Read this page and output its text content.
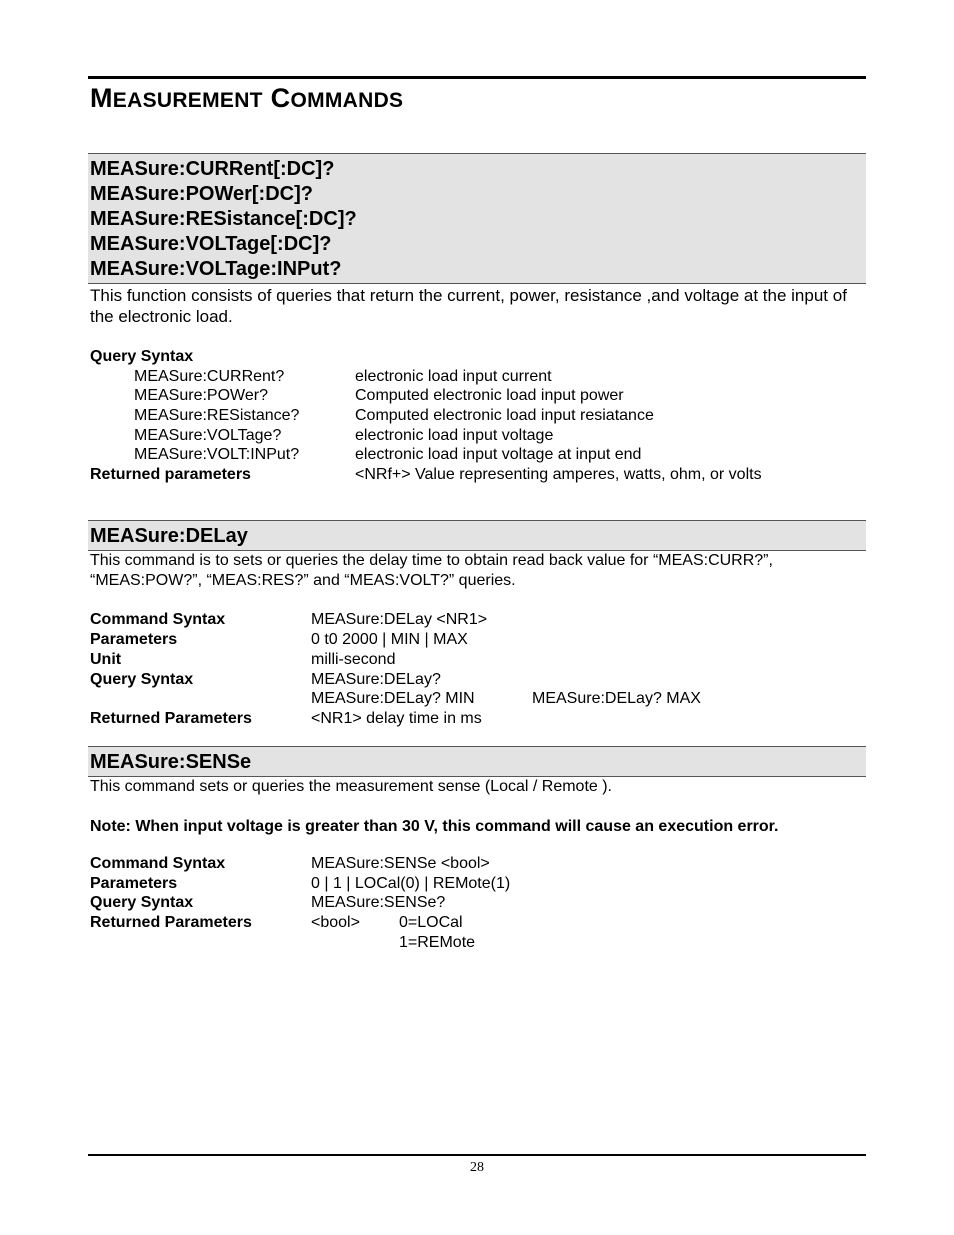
MEASUREMENT COMMANDS
MEASure:CURRent[:DC]?
MEASure:POWer[:DC]?
MEASure:RESistance[:DC]?
MEASure:VOLTage[:DC]?
MEASure:VOLTage:INPut?
This function consists of queries that return the current, power, resistance ,and voltage at the input of the electronic load.
Query Syntax
MEASure:CURRent?	electronic load input current
MEASure:POWer?	Computed electronic load input power
MEASure:RESistance?	Computed electronic load input resiatance
MEASure:VOLTage?	electronic load input voltage
MEASure:VOLT:INPut?	electronic load input voltage at input end
Returned parameters	<NRf+> Value representing amperes, watts, ohm, or volts
MEASure:DELay
This command is to sets or queries the delay time to obtain read back value for “MEAS:CURR?”, “MEAS:POW?”, “MEAS:RES?” and “MEAS:VOLT?” queries.
Command Syntax	MEASure:DELay <NR1>
Parameters	0 t0 2000 | MIN | MAX
Unit	milli-second
Query Syntax	MEASure:DELay?
MEASure:DELay? MIN	MEASure:DELay? MAX
Returned Parameters	<NR1> delay time in ms
MEASure:SENSe
This command sets or queries the measurement sense (Local / Remote ).
Note: When input voltage is greater than 30 V, this command will cause an execution error.
Command Syntax	MEASure:SENSe <bool>
Parameters	0 | 1 | LOCal(0) | REMote(1)
Query Syntax	MEASure:SENSe?
Returned Parameters	<bool> 0=LOCal
1=REMote
28
